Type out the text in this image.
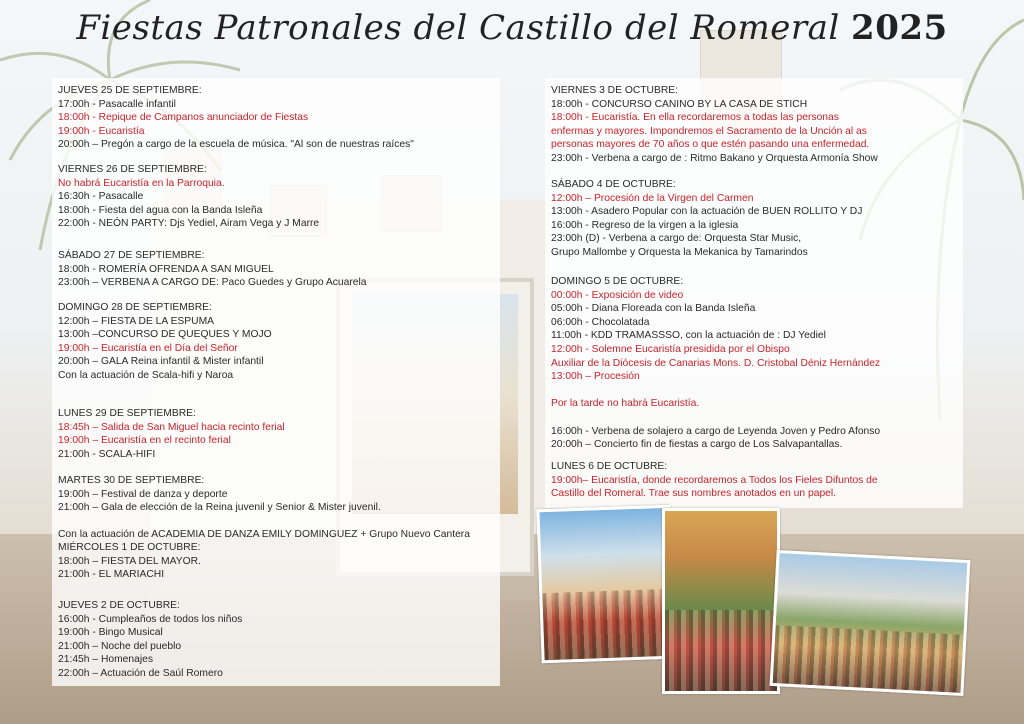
Fiestas Patronales del Castillo del Romeral 2025
JUEVES 25 DE SEPTIEMBRE:
17:00h - Pasacalle infantil
18:00h - Repique de Campanos anunciador de Fiestas
19:00h - Eucaristía
20:00h – Pregón a cargo de la escuela de música. "Al son de nuestras raíces"
VIERNES 26 DE SEPTIEMBRE:
No habrá Eucaristía en la Parroquia.
16:30h - Pasacalle
18:00h - Fiesta del agua con la Banda Isleña
22:00h - NEÓN PARTY: Djs Yediel, Airam Vega y J Marre
SÁBADO 27 DE SEPTIEMBRE:
18:00h - ROMERÍA OFRENDA A SAN MIGUEL
23:00h – VERBENA A CARGO DE: Paco Guedes y Grupo Acuarela
DOMINGO 28 DE SEPTIEMBRE:
12:00h – FIESTA DE LA ESPUMA
13:00h –CONCURSO DE QUEQUES Y MOJO
19:00h – Eucaristía en el Día del Señor
20:00h – GALA Reina infantil & Mister infantil
Con la actuación de Scala-hifi y Naroa
LUNES 29 DE SEPTIEMBRE:
18:45h – Salida de San Miguel hacia recinto ferial
19:00h – Eucaristía en el recinto ferial
21:00h - SCALA-HIFI
MARTES 30 DE SEPTIEMBRE:
19:00h – Festival de danza y deporte
21:00h – Gala de elección de la Reina juvenil y Senior & Mister juvenil.

Con la actuación de ACADEMIA DE DANZA EMILY DOMINGUEZ + Grupo Nuevo Cantera
MIÉRCOLES 1 DE OCTUBRE:
18:00h – FIESTA DEL MAYOR.
21:00h - EL MARIACHI
JUEVES 2 DE OCTUBRE:
16:00h - Cumpleaños de todos los niños
19:00h - Bingo Musical
21:00h – Noche del pueblo
21:45h – Homenajes
22:00h – Actuación de Saúl Romero
VIERNES 3 DE OCTUBRE:
18:00h - CONCURSO CANINO BY LA CASA DE STICH
18:00h - Eucaristía. En ella recordaremos a todas las personas
enfermas y mayores. Impondremos el Sacramento de la Unción al as
personas mayores de 70 años o que estén pasando una enfermedad.
23:00h - Verbena a cargo de : Ritmo Bakano y Orquesta Armonía Show
SÁBADO 4 DE OCTUBRE:
12:00h – Procesión de la Virgen del Carmen
13:00h - Asadero Popular con la actuación de BUEN ROLLITO Y DJ
16:00h - Regreso de la virgen a la iglesia
23:00h (D) - Verbena a cargo de: Orquesta Star Music,
Grupo Mallombe y Orquesta la Mekanica by Tamarindos
DOMINGO 5 DE OCTUBRE:
00:00h - Exposición de video
05:00h - Diana Floreada con la Banda Isleña
06:00h - Chocolatada
11:00h - KDD TRAMASSSO, con la actuación de : DJ Yediel
12:00h - Solemne Eucaristía presidida por el Obispo
Auxiliar de la Diócesis de Canarias Mons. D. Cristobal Déniz Hernández
13:00h – Procesión

Por la tarde no habrá Eucaristía.

16:00h - Verbena de solajero a cargo de Leyenda Joven y Pedro Afonso
20:00h – Concierto fin de fiestas a cargo de Los Salvapantallas.
LUNES 6 DE OCTUBRE:
19:00h– Eucaristía, donde recordaremos a Todos los Fieles Difuntos de
Castillo del Romeral. Trae sus nombres anotados en un papel.
